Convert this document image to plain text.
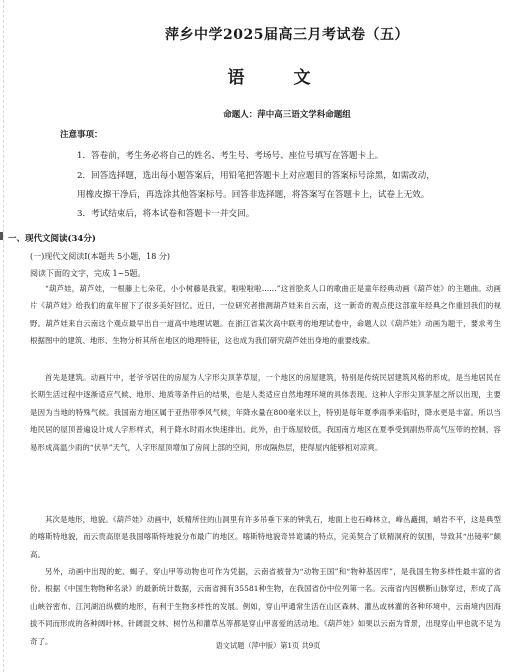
萍乡中学2025届高三月考试卷（五）
语　文
命题人：萍中高三语文学科命题组
注意事项：
1．答卷前，考生务必将自己的姓名、考生号、考场号、座位号填写在答题卡上。
2．回答选择题，选出每小题答案后，用铅笔把答题卡上对应题目的答案标号涂黑，如需改动，
用橡皮擦干净后，再选涂其他答案标号。回答非选择题，将答案写在答题卡上，试卷上无效。
3．考试结束后，将本试卷和答题卡一并交回。
一、现代文阅读(34分)
(一)现代文阅读Ⅰ(本题共 5小题，18 分)
阅读下面的文字，完成 1~5题。
“葫芦娃，葫芦娃，一根藤上七朵花，小小树藤是我家，啦啦啦啦……”这首脍炙人口的歌曲正是童年经典动画《葫芦娃》的主题曲。动画片《葫芦娃》给我们的童年留下了很多美好回忆。近日，一位研究者推测葫芦娃来自云南，这一新奇的观点使这部童年经典之作重回我们的视野。葫芦娃来自云南这个观点最早出自一道高中地理试题。在浙江省某次高中联考的地理试卷中，命题人以《葫芦娃》动画为题干，要求考生根据图中的建筑、地形、生物分析其所在地区的地理特征，这也成为我们研究葫芦娃出身地的重要线索。
首先是建筑。动画片中，老爷爷居住的房屋为人字形尖顶茅草屋，一个地区的房屋建筑，特别是传统民居建筑风格的形成，是当地居民在长期生活过程中逐渐适应气候、地形、地质等条件后的结果，也是人类适应自然地理环境的具体表现。这种人字形尖顶茅屋之所以出现，主要是因为当地的特殊气候。我国南方地区属于亚热带季风气候，年降水量在800毫米以上，特别是每年夏季雨季来临时，降水更是丰富。所以当地民居的屋顶普遍设计成人字形样式，利于降水时雨水快速排出。此外，由于炼屋较低，我国南方地区在夏季受到副热带高气压带的控制，容易形成高温少雨的“伏旱”天气，人字形屋顶增加了房间上部的空间，形成隔热层，使得屋内能够相对凉爽。
其次是地形，地貌。《葫芦娃》动画中，妖精所住的山洞里有许多吊垂下来的钟乳石，地面上也石峰林立，峰丛矗拥，峭岩不平，这是典型的喀斯特地貌，而云贵高原是我国喀斯特地貌分布最广的地区。喀斯特地貌奇异诡谲的特点，完美契合了妖精洞府的氛围，导致其“出镜率”颇高。
另外，动画中出现的蛇、蝎子、穿山甲等动物也可作为凭据，云南省被誉为“动物王国”和“物种基因库”，是我国生物多样性最丰富的省份。根据《中国生物物种名录》的最新统计数据，云南省拥有35581种生物，在我国省份中位列第一名。云南省内因横断山脉穿过，形成了高山峡谷密布、江河湖泊纵横的地形，有利于生物多样性的发展。例如，穿山甲通常生活在山区森林、灌丛或林灌的各种环境中，云南境内因海拔不同而形成的各种阔叶林、针阔混交林、树竹丛和灌草丛等都是穿山甲喜爱的活动地。《葫芦娃》如果以云南为背景，出现穿山甲也就不足为奇了。	语文试题（萍中版）第1页 共9页
